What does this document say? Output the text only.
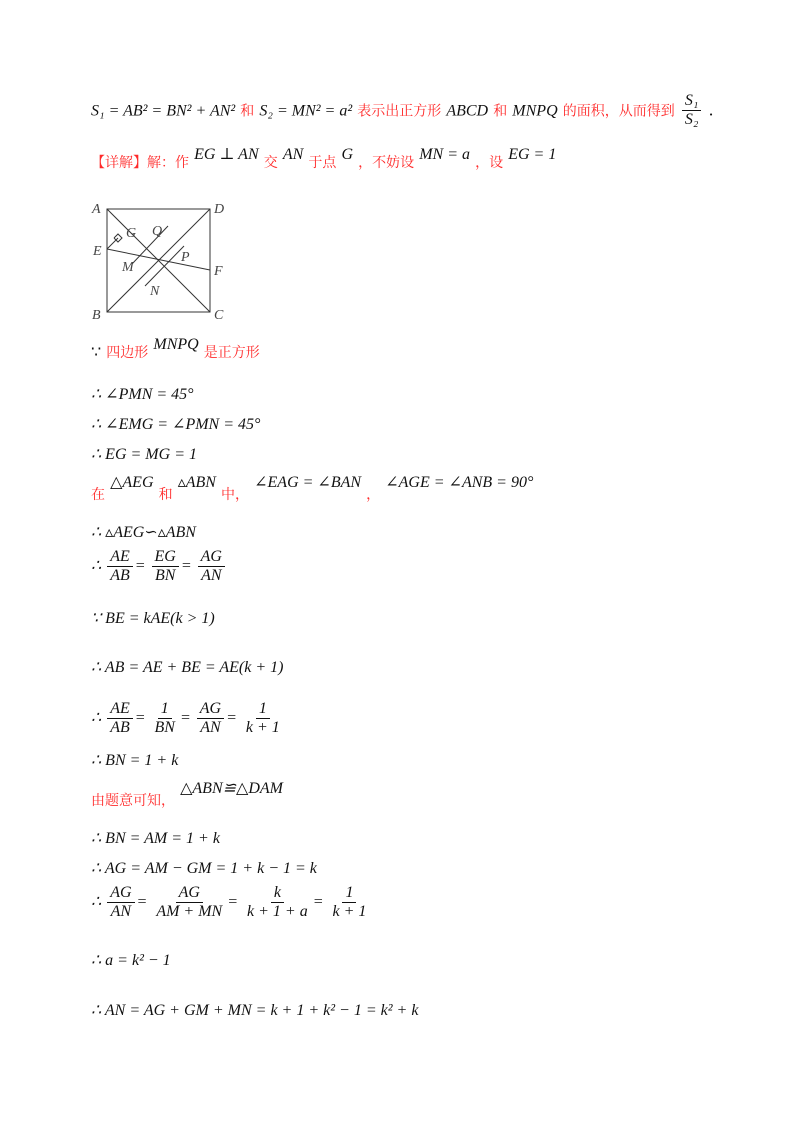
S₁ = AB² = BN² + AN² 和 S₂ = MN² = a² 表示出正方形 ABCD 和 MNPQ 的面积，从而得到 $\frac{\text{S₁}}{\text{S₂}}$ .
【详解】解：作 EG ⊥ AN 交 AN 于点 G ，不妨设 MN = a ，设 EG = 1
A	D
B	C
E
F
G
M
N
P
Q
∵ 四边形 MNPQ 是正方形
∴ ∠PMN = 45°
∴ ∠EMG = ∠PMN = 45°
∴ EG = MG = 1
在 △AEG 和 ▵ABN 中， ∠EAG = ∠BAN ， ∠AGE = ∠ANB = 90°
∴ ▵AEG∽▵ABN
∴ $\frac{AE}{AB} = \frac{EG}{BN} = \frac{AG}{AN}$
∵ BE = kAE(k > 1)
∴ AB = AE + BE = AE(k + 1)
∴ $\frac{AE}{AB} = \frac{1}{BN} = \frac{AG}{AN} = \frac{1}{k + 1}$
∴ BN = 1 + k
由题意可知， △ABN≌△DAM
∴ BN = AM = 1 + k
∴ AG = AM − GM = 1 + k − 1 = k
∴ $\frac{AG}{AN} = \frac{AG}{AM + MN} = \frac{k}{k + 1 + a} = \frac{1}{k + 1}$
∴ a = k² − 1
∴ AN = AG + GM + MN = k + 1 + k² − 1 = k² + k
